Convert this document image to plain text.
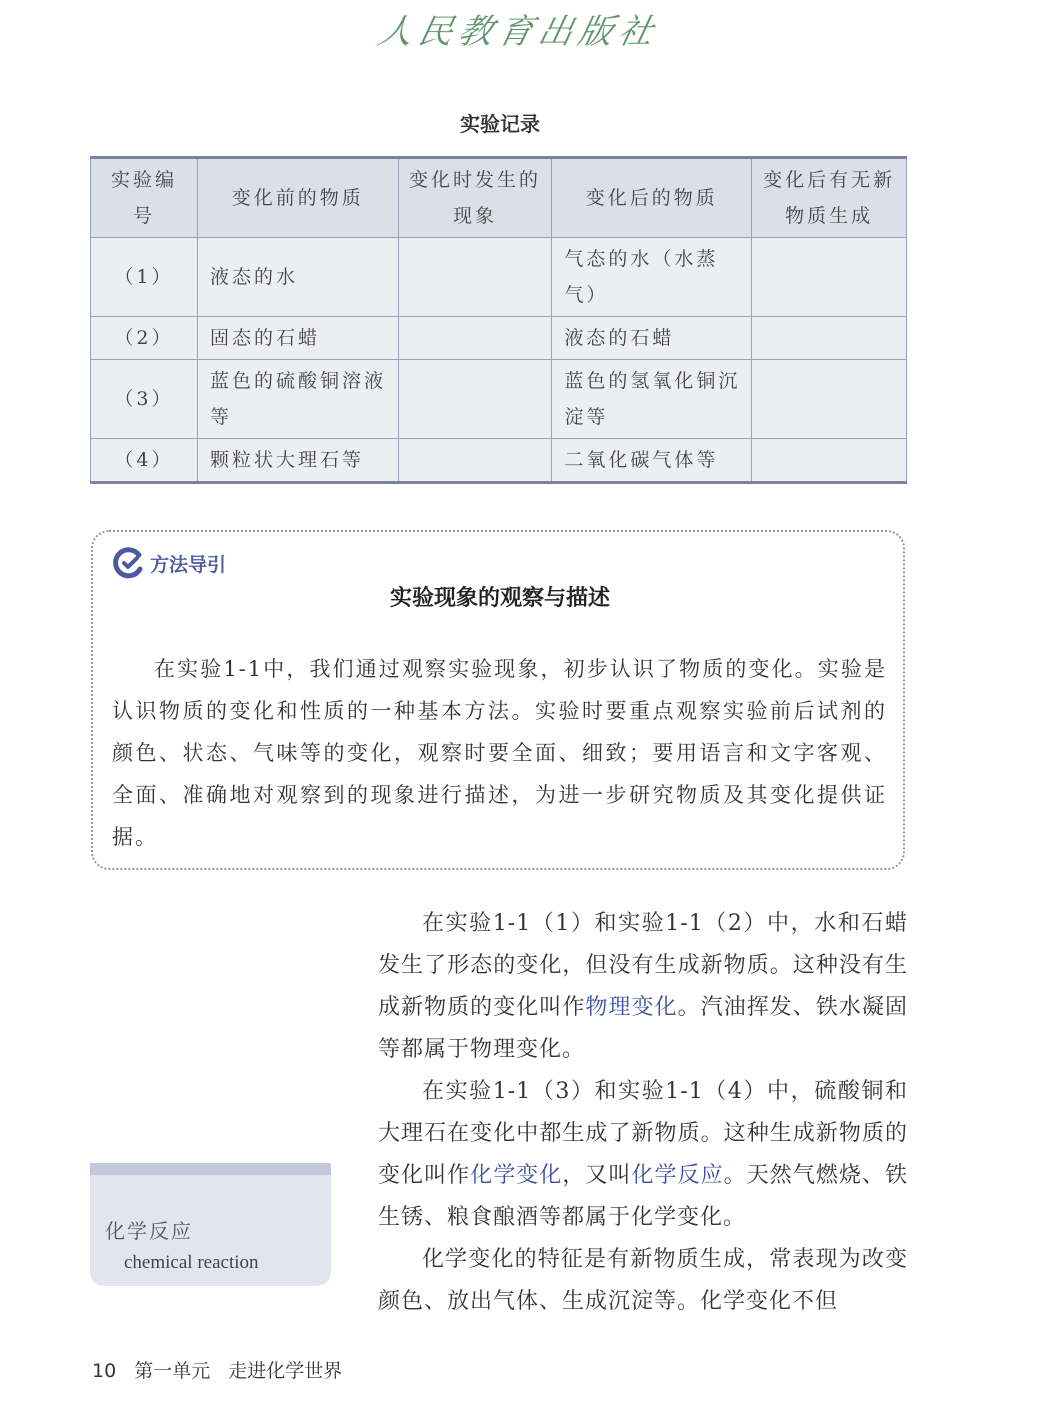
人民教育出版社
实验记录
实验编号	变化前的物质	变化时发生的现象	变化后的物质	变化后有无新物质生成
（1）	液态的水		气态的水（水蒸气）	
（2）	固态的石蜡		液态的石蜡	
（3）	蓝色的硫酸铜溶液等		蓝色的氢氧化铜沉淀等	
（4）	颗粒状大理石等		二氧化碳气体等	
方法导引
实验现象的观察与描述

在实验1-1中，我们通过观察实验现象，初步认识了物质的变化。实验是认识物质的变化和性质的一种基本方法。实验时要重点观察实验前后试剂的颜色、状态、气味等的变化，观察时要全面、细致；要用语言和文字客观、全面、准确地对观察到的现象进行描述，为进一步研究物质及其变化提供证据。

在实验1-1（1）和实验1-1（2）中，水和石蜡发生了形态的变化，但没有生成新物质。这种没有生成新物质的变化叫作物理变化。汽油挥发、铁水凝固等都属于物理变化。

在实验1-1（3）和实验1-1（4）中，硫酸铜和大理石在变化中都生成了新物质。这种生成新物质的变化叫作化学变化，又叫化学反应。天然气燃烧、铁生锈、粮食酿酒等都属于化学变化。

化学变化的特征是有新物质生成，常表现为改变颜色、放出气体、生成沉淀等。化学变化不但

化学反应
chemical reaction
10 第一单元 走进化学世界
